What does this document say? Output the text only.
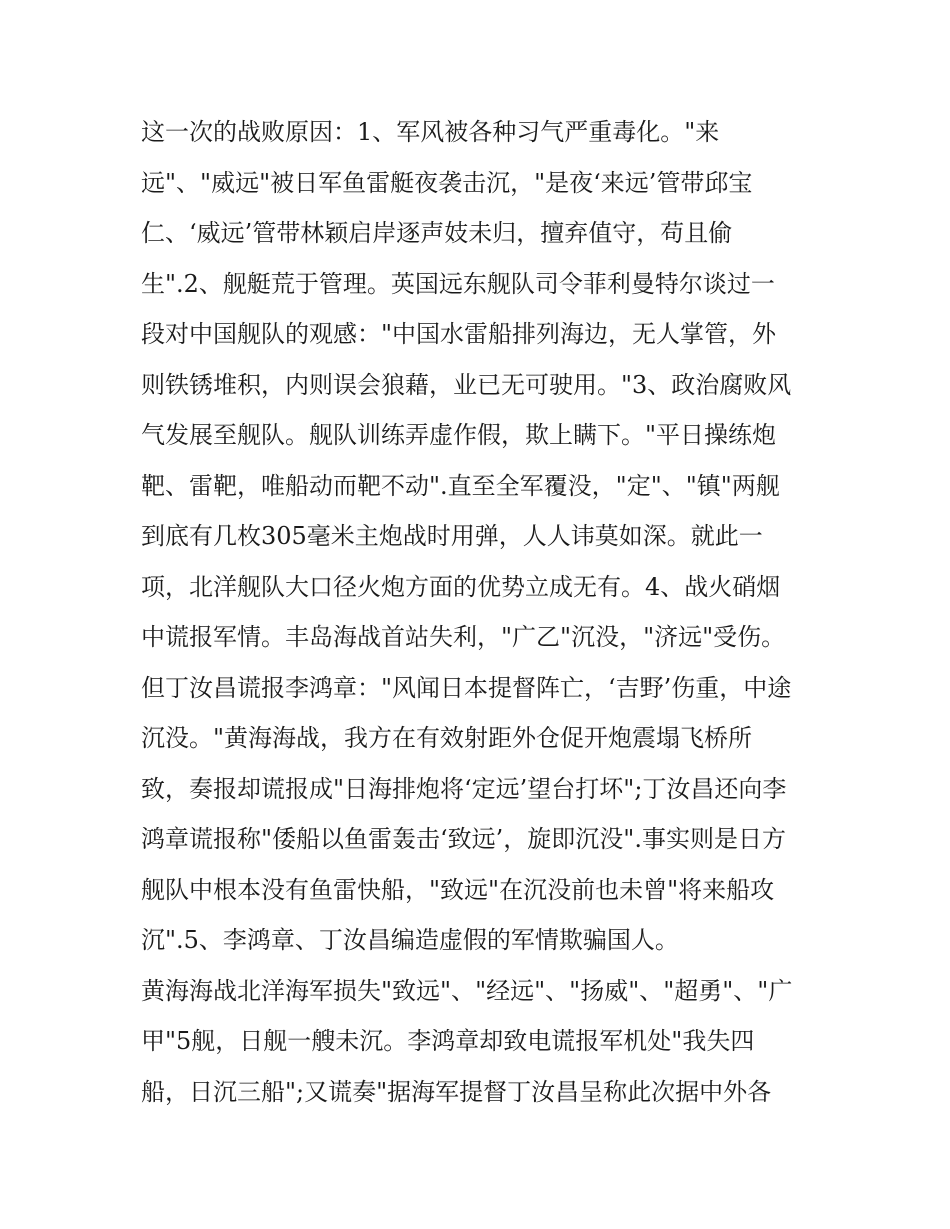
这一次的战败原因：1、军风被各种习气严重毒化。"来
远"、"威远"被日军鱼雷艇夜袭击沉，"是夜‘来远’管带邱宝
仁、‘威远’管带林颖启岸逐声妓未归，擅弃值守，苟且偷
生".2、舰艇荒于管理。英国远东舰队司令菲利曼特尔谈过一
段对中国舰队的观感："中国水雷船排列海边，无人掌管，外
则铁锈堆积，内则误会狼藉，业已无可驶用。"3、政治腐败风
气发展至舰队。舰队训练弄虚作假，欺上瞒下。"平日操练炮
靶、雷靶，唯船动而靶不动".直至全军覆没，"定"、"镇"两舰
到底有几枚305毫米主炮战时用弹，人人讳莫如深。就此一
项，北洋舰队大口径火炮方面的优势立成无有。4、战火硝烟
中谎报军情。丰岛海战首站失利，"广乙"沉没，"济远"受伤。
但丁汝昌谎报李鸿章："风闻日本提督阵亡，‘吉野’伤重，中途
沉没。"黄海海战，我方在有效射距外仓促开炮震塌飞桥所
致，奏报却谎报成"日海排炮将‘定远’望台打坏";丁汝昌还向李
鸿章谎报称"倭船以鱼雷轰击‘致远’，旋即沉没".事实则是日方
舰队中根本没有鱼雷快船，"致远"在沉没前也未曾"将来船攻
沉".5、李鸿章、丁汝昌编造虚假的军情欺骗国人。
黄海海战北洋海军损失"致远"、"经远"、"扬威"、"超勇"、"广
甲"5舰，日舰一艘未沉。李鸿章却致电谎报军机处"我失四
船，日沉三船";又谎奏"据海军提督丁汝昌呈称此次据中外各
